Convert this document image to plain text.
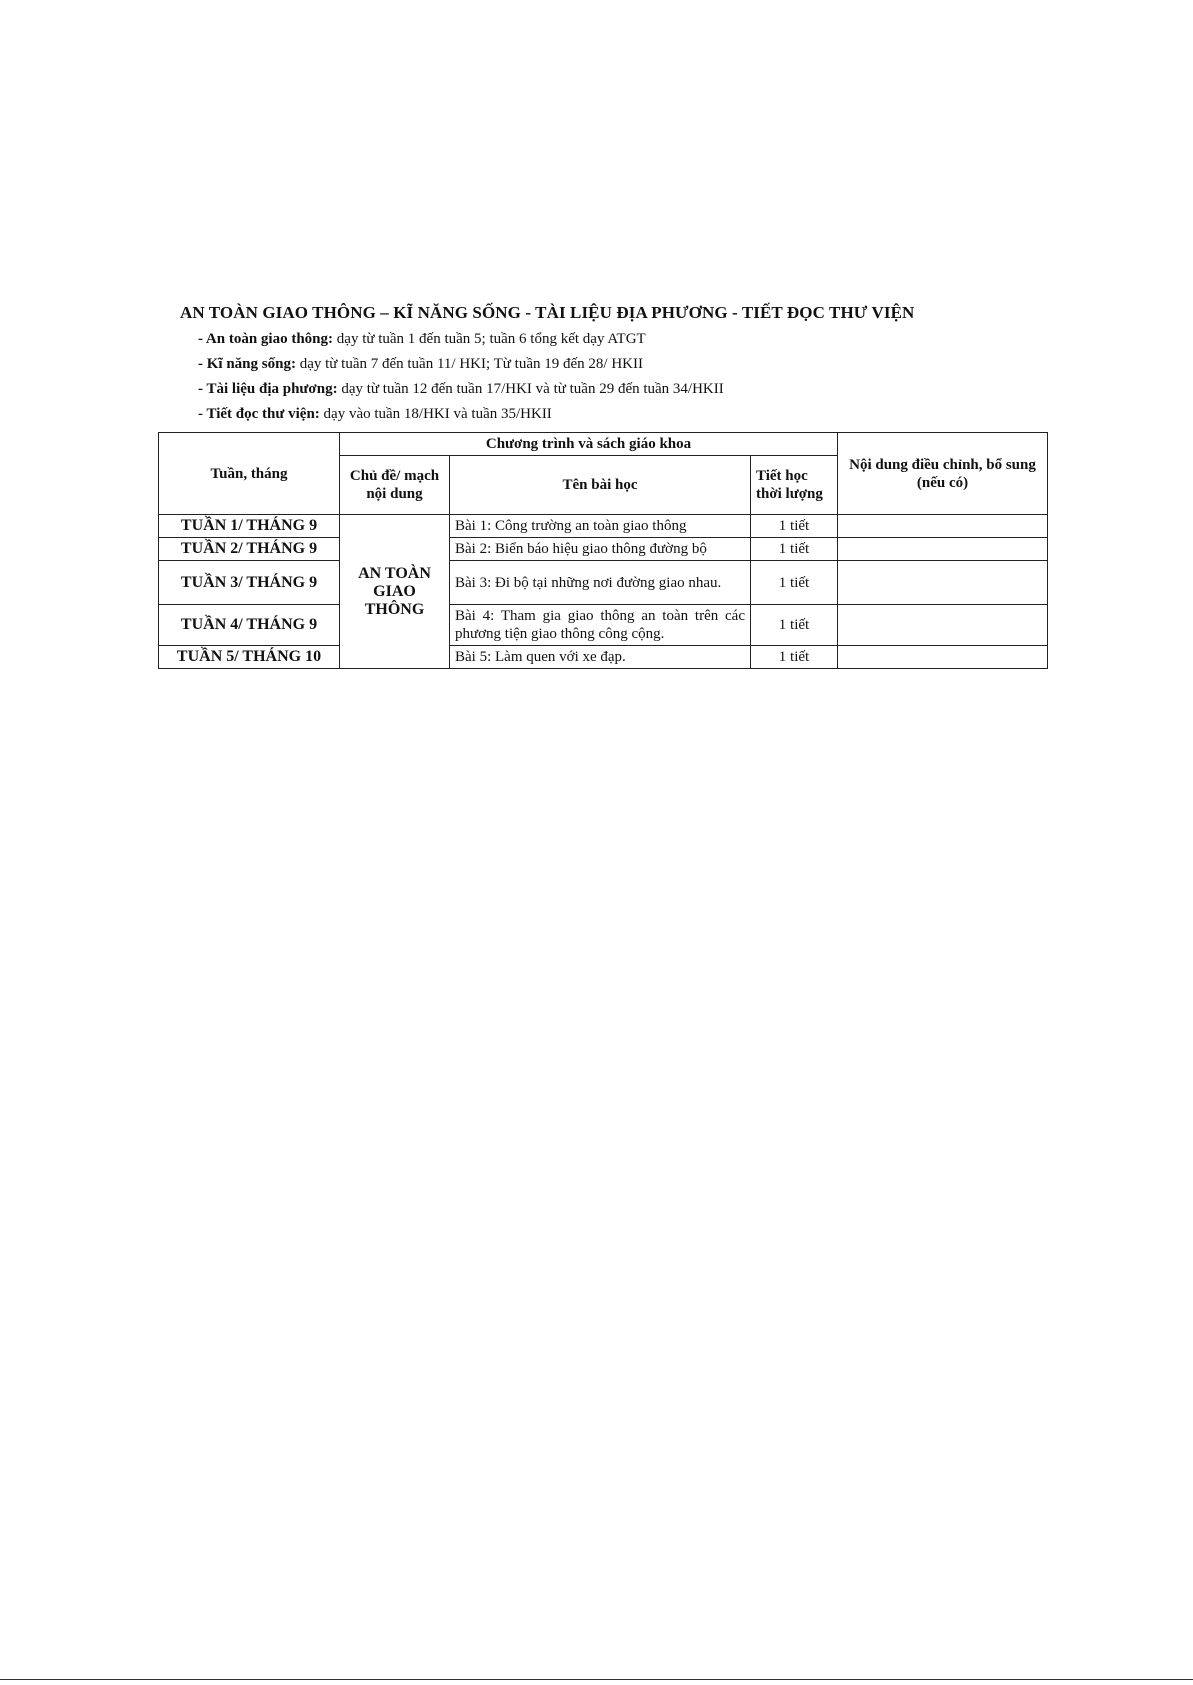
AN TOÀN GIAO THÔNG – KĨ NĂNG SỐNG - TÀI LIỆU ĐỊA PHƯƠNG - TIẾT ĐỌC THƯ VIỆN
- An toàn giao thông: dạy từ tuần 1 đến tuần 5; tuần 6 tổng kết dạy ATGT
- Kĩ năng sống: dạy từ tuần 7 đến tuần 11/ HKI; Từ tuần 19 đến 28/ HKII
- Tài liệu địa phương: dạy từ tuần 12 đến tuần 17/HKI và từ tuần 29 đến tuần 34/HKII
- Tiết đọc thư viện: dạy vào tuần 18/HKI và tuần 35/HKII
Tuần, tháng	Chương trình và sách giáo khoa			Nội dung điều chỉnh, bổ sung (nếu có)
	Chủ đề/ mạch nội dung	Tên bài học	Tiết học thời lượng	
TUẦN 1/ THÁNG 9	AN TOÀN GIAO THÔNG	Bài 1: Công trường an toàn giao thông	1 tiết	
TUẦN 2/ THÁNG 9		Bài 2: Biển báo hiệu giao thông đường bộ	1 tiết	
TUẦN 3/ THÁNG 9		Bài 3: Đi bộ tại những nơi đường giao nhau.	1 tiết	
TUẦN 4/ THÁNG 9		Bài 4: Tham gia giao thông an toàn trên các phương tiện giao thông công cộng.	1 tiết	
TUẦN 5/ THÁNG 10		Bài 5: Làm quen với xe đạp.	1 tiết	
